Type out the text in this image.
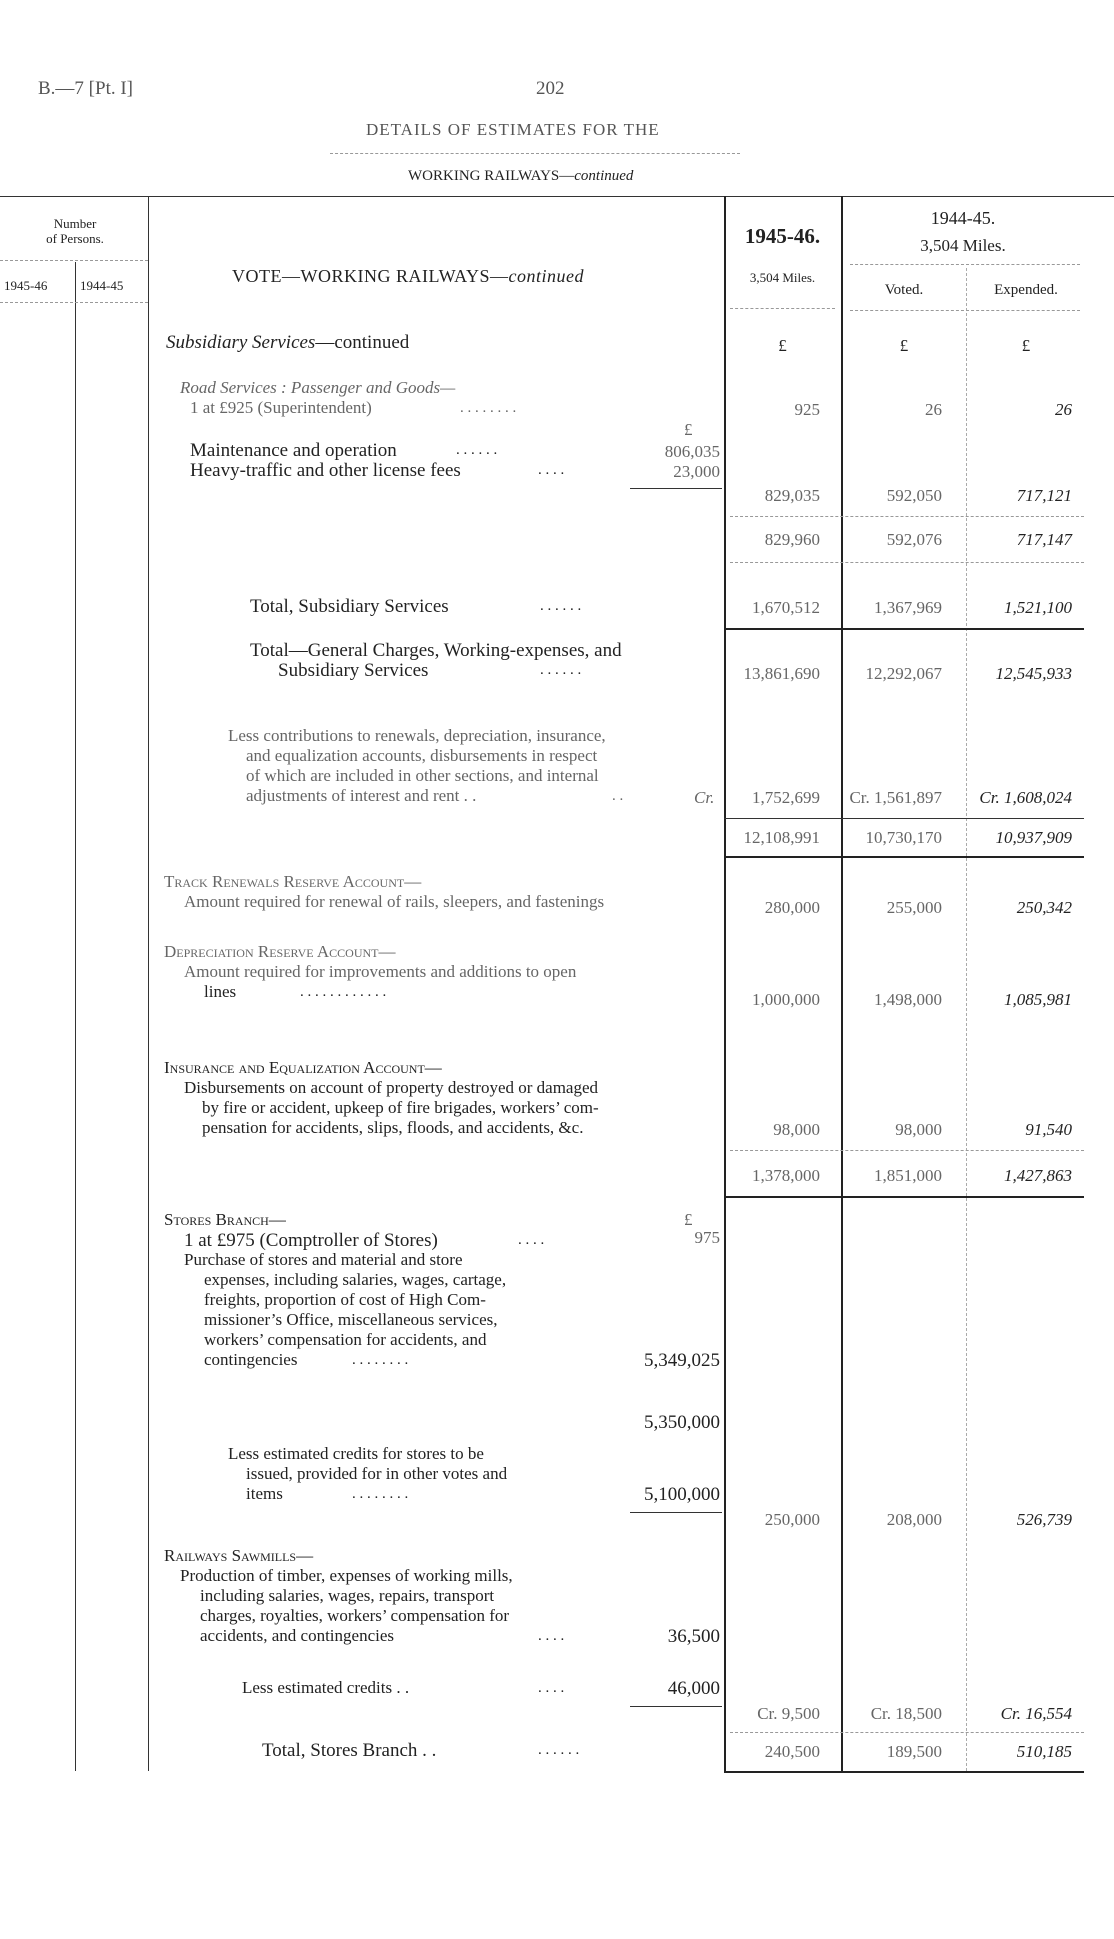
B.—7 [Pt. I]	202
DETAILS OF ESTIMATES FOR THE
WORKING RAILWAYS—continued
Number
of Persons.
1945-46	1944-45	VOTE—WORKING RAILWAYS—continued
1945-46.
3,504 Miles.
1944-45.
3,504 Miles.
Voted.	Expended.
Subsidiary Services—continued	£	£	£
Road Services : Passenger and Goods—
1 at £925 (Superintendent)	. . . . . . . .	925	26	26
£
Maintenance and operation	. . . . . .	806,035
Heavy-traffic and other license fees	. . . .	23,000
829,035	592,050	717,121
829,960	592,076	717,147
Total, Subsidiary Services	. . . . . .	1,670,512	1,367,969	1,521,100
Total—General Charges, Working-expenses, and
Subsidiary Services	. . . . . .	13,861,690	12,292,067	12,545,933
Less contributions to renewals, depreciation, insurance,
and equalization accounts, disbursements in respect
of which are included in other sections, and internal
adjustments of interest and rent . .	. .	Cr.	1,752,699	Cr. 1,561,897	Cr. 1,608,024
12,108,991	10,730,170	10,937,909
Track Renewals Reserve Account—
Amount required for renewal of rails, sleepers, and fastenings	280,000	255,000	250,342
Depreciation Reserve Account—
Amount required for improvements and additions to open
lines	. . . . . . . . . . . .	1,000,000	1,498,000	1,085,981
Insurance and Equalization Account—
Disbursements on account of property destroyed or damaged
by fire or accident, upkeep of fire brigades, workers’ com-
pensation for accidents, slips, floods, and accidents, &c.	98,000	98,000	91,540
1,378,000	1,851,000	1,427,863
Stores Branch—	£
1 at £975 (Comptroller of Stores)	. . . .	975
Purchase of stores and material and store
expenses, including salaries, wages, cartage,
freights, proportion of cost of High Com-
missioner’s Office, miscellaneous services,
workers’ compensation for accidents, and
contingencies	. . . . . . . .	5,349,025
5,350,000
Less estimated credits for stores to be
issued, provided for in other votes and
items	. . . . . . . .	5,100,000
250,000	208,000	526,739
Railways Sawmills—
Production of timber, expenses of working mills,
including salaries, wages, repairs, transport
charges, royalties, workers’ compensation for
accidents, and contingencies	. . . .	36,500
Less estimated credits . .	. . . .	46,000
Cr. 9,500	Cr. 18,500	Cr. 16,554
Total, Stores Branch . .	. . . . . .	240,500	189,500	510,185
